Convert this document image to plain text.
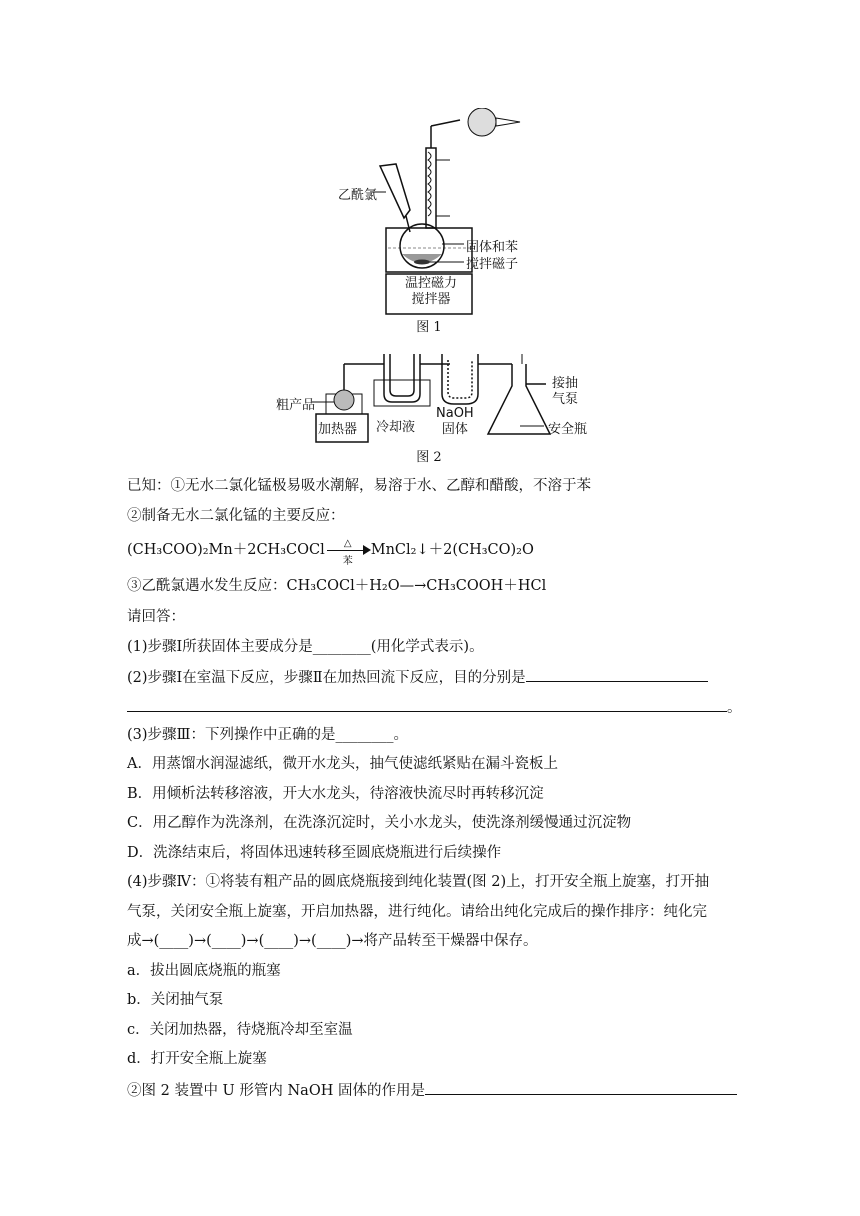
乙酰氯
固体和苯
搅拌磁子
温控磁力
搅拌器
图 1
粗产品
加热器 冷却液
NaOH
固体
接抽
气泵
安全瓶
图 2
已知：①无水二氯化锰极易吸水潮解，易溶于水、乙醇和醋酸，不溶于苯
②制备无水二氯化锰的主要反应：
(CH₃COO)₂Mn＋2CH₃COCl	△
苯
MnCl₂↓＋2(CH₃CO)₂O
③乙酰氯遇水发生反应：CH₃COCl＋H₂O—→CH₃COOH＋HCl
请回答：
(1)步骤Ⅰ所获固体主要成分是________(用化学式表示)。
(2)步骤Ⅰ在室温下反应，步骤Ⅱ在加热回流下反应，目的分别是
。
(3)步骤Ⅲ：下列操作中正确的是________。
A．用蒸馏水润湿滤纸，微开水龙头，抽气使滤纸紧贴在漏斗瓷板上
B．用倾析法转移溶液，开大水龙头，待溶液快流尽时再转移沉淀
C．用乙醇作为洗涤剂，在洗涤沉淀时，关小水龙头，使洗涤剂缓慢通过沉淀物
D．洗涤结束后，将固体迅速转移至圆底烧瓶进行后续操作
(4)步骤Ⅳ：①将装有粗产品的圆底烧瓶接到纯化装置(图 2)上，打开安全瓶上旋塞，打开抽
气泵，关闭安全瓶上旋塞，开启加热器，进行纯化。请给出纯化完成后的操作排序：纯化完
成→(____)→(____)→(____)→(____)→将产品转至干燥器中保存。
a．拔出圆底烧瓶的瓶塞
b．关闭抽气泵
c．关闭加热器，待烧瓶冷却至室温
d．打开安全瓶上旋塞
②图 2 装置中 U 形管内 NaOH 固体的作用是
